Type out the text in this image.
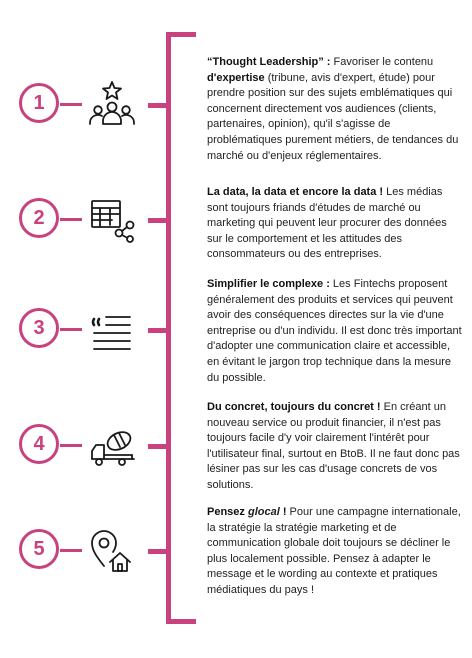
1
“Thought Leadership” : Favoriser le contenu d'expertise (tribune, avis d'expert, étude) pour prendre position sur des sujets emblématiques qui concernent directement vos audiences (clients, partenaires, opinion), qu'il s'agisse de problématiques purement métiers, de tendances du marché ou d'enjeux réglementaires.
2
La data, la data et encore la data ! Les médias sont toujours friands d'études de marché ou marketing qui peuvent leur procurer des données sur le comportement et les attitudes des consommateurs ou des entreprises.
3
Simplifier le complexe : Les Fintechs proposent généralement des produits et services qui peuvent avoir des conséquences directes sur la vie d'une entreprise ou d'un individu. Il est donc très important d'adopter une communication claire et accessible, en évitant le jargon trop technique dans la mesure du possible.
4
Du concret, toujours du concret ! En créant un nouveau service ou produit financier, il n'est pas toujours facile d'y voir clairement l'intérêt pour l'utilisateur final, surtout en BtoB. Il ne faut donc pas lésiner pas sur les cas d'usage concrets de vos solutions.
5
Pensez glocal ! Pour une campagne internationale, la stratégie la stratégie marketing et de communication globale doit toujours se décliner le plus localement possible. Pensez à adapter le message et le wording au contexte et pratiques médiatiques du pays !
